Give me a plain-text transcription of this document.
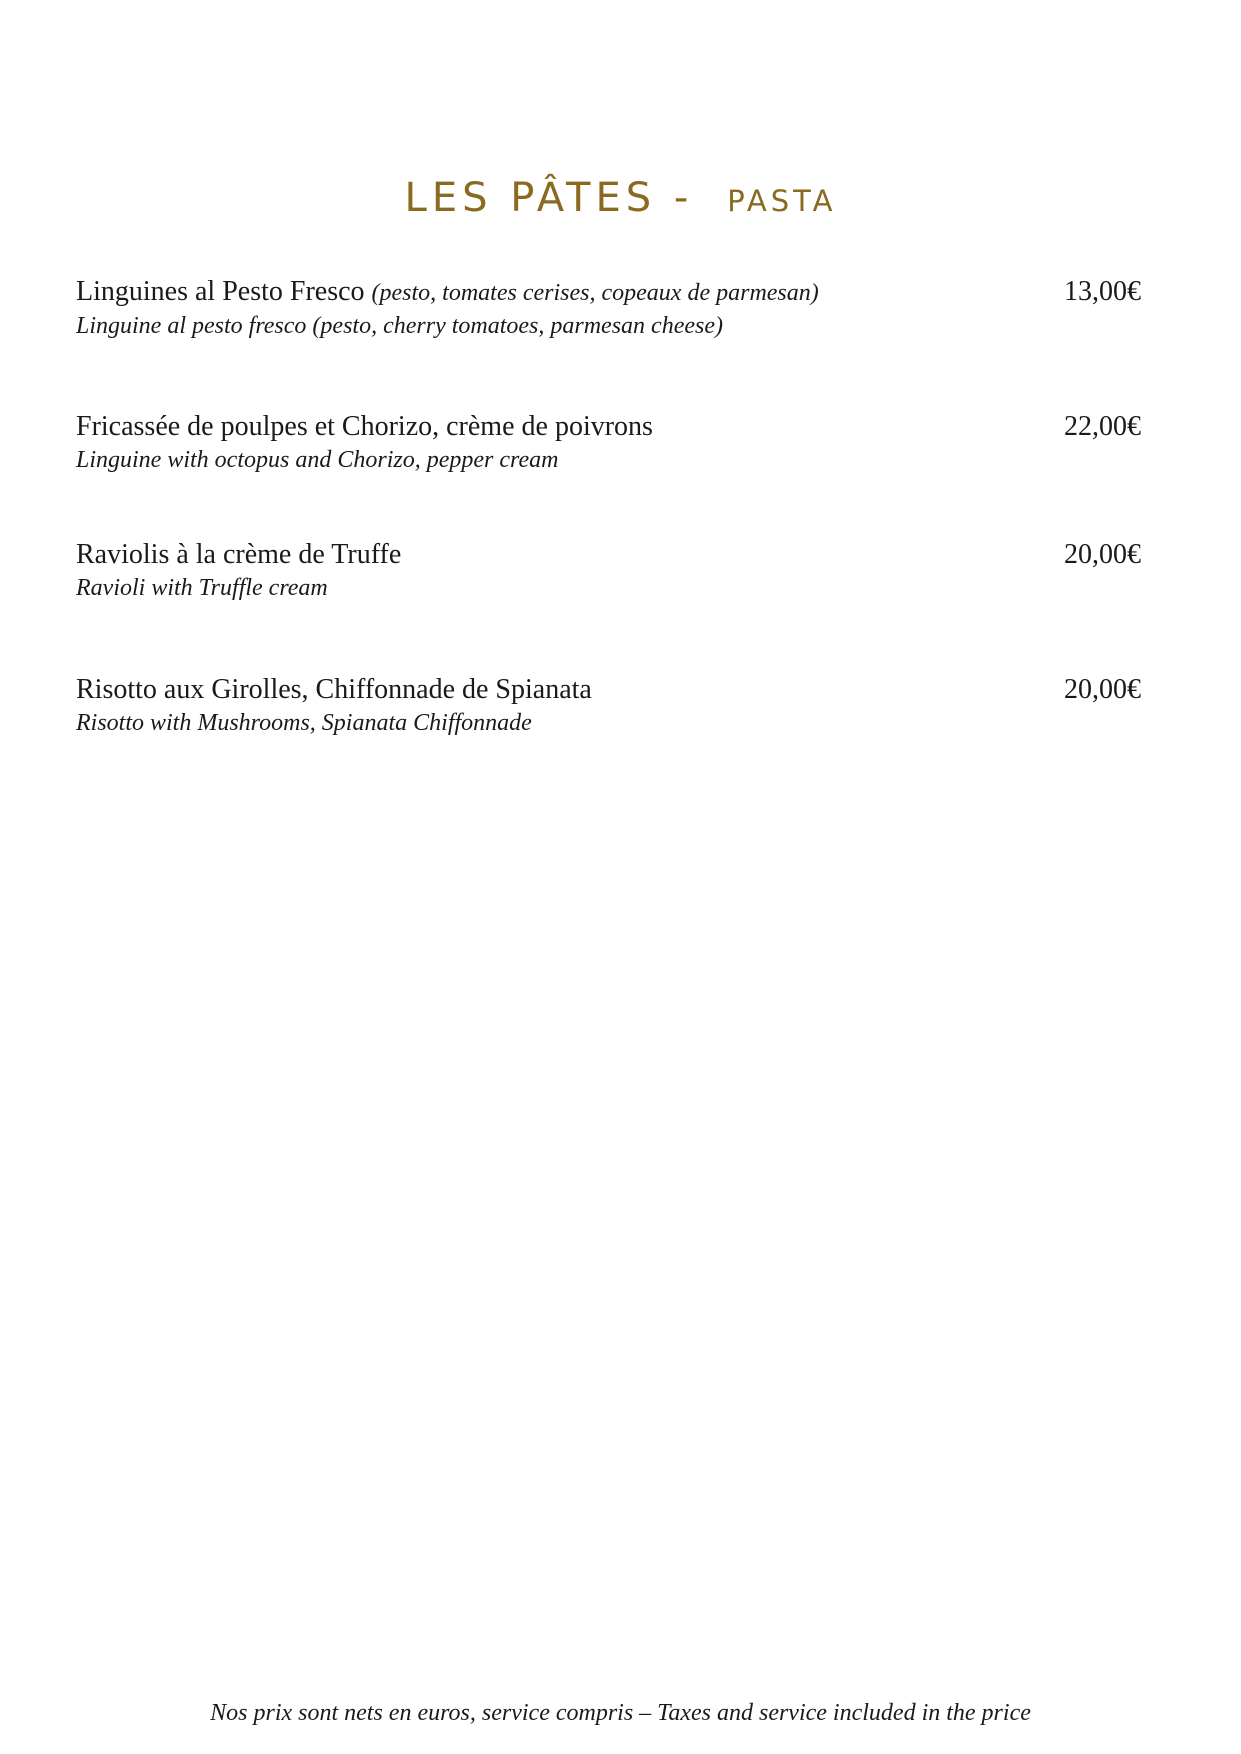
LES PÂTES - PASTA
Linguines al Pesto Fresco (pesto, tomates cerises, copeaux de parmesan)
Linguine al pesto fresco (pesto, cherry tomatoes, parmesan cheese)
13,00€
Fricassée de poulpes et Chorizo, crème de poivrons
Linguine with octopus and Chorizo, pepper cream
22,00€
Raviolis à la crème de Truffe
Ravioli with Truffle cream
20,00€
Risotto aux Girolles, Chiffonnade de Spianata
Risotto with Mushrooms, Spianata Chiffonnade
20,00€
Nos prix sont nets en euros, service compris – Taxes and service included in the price
